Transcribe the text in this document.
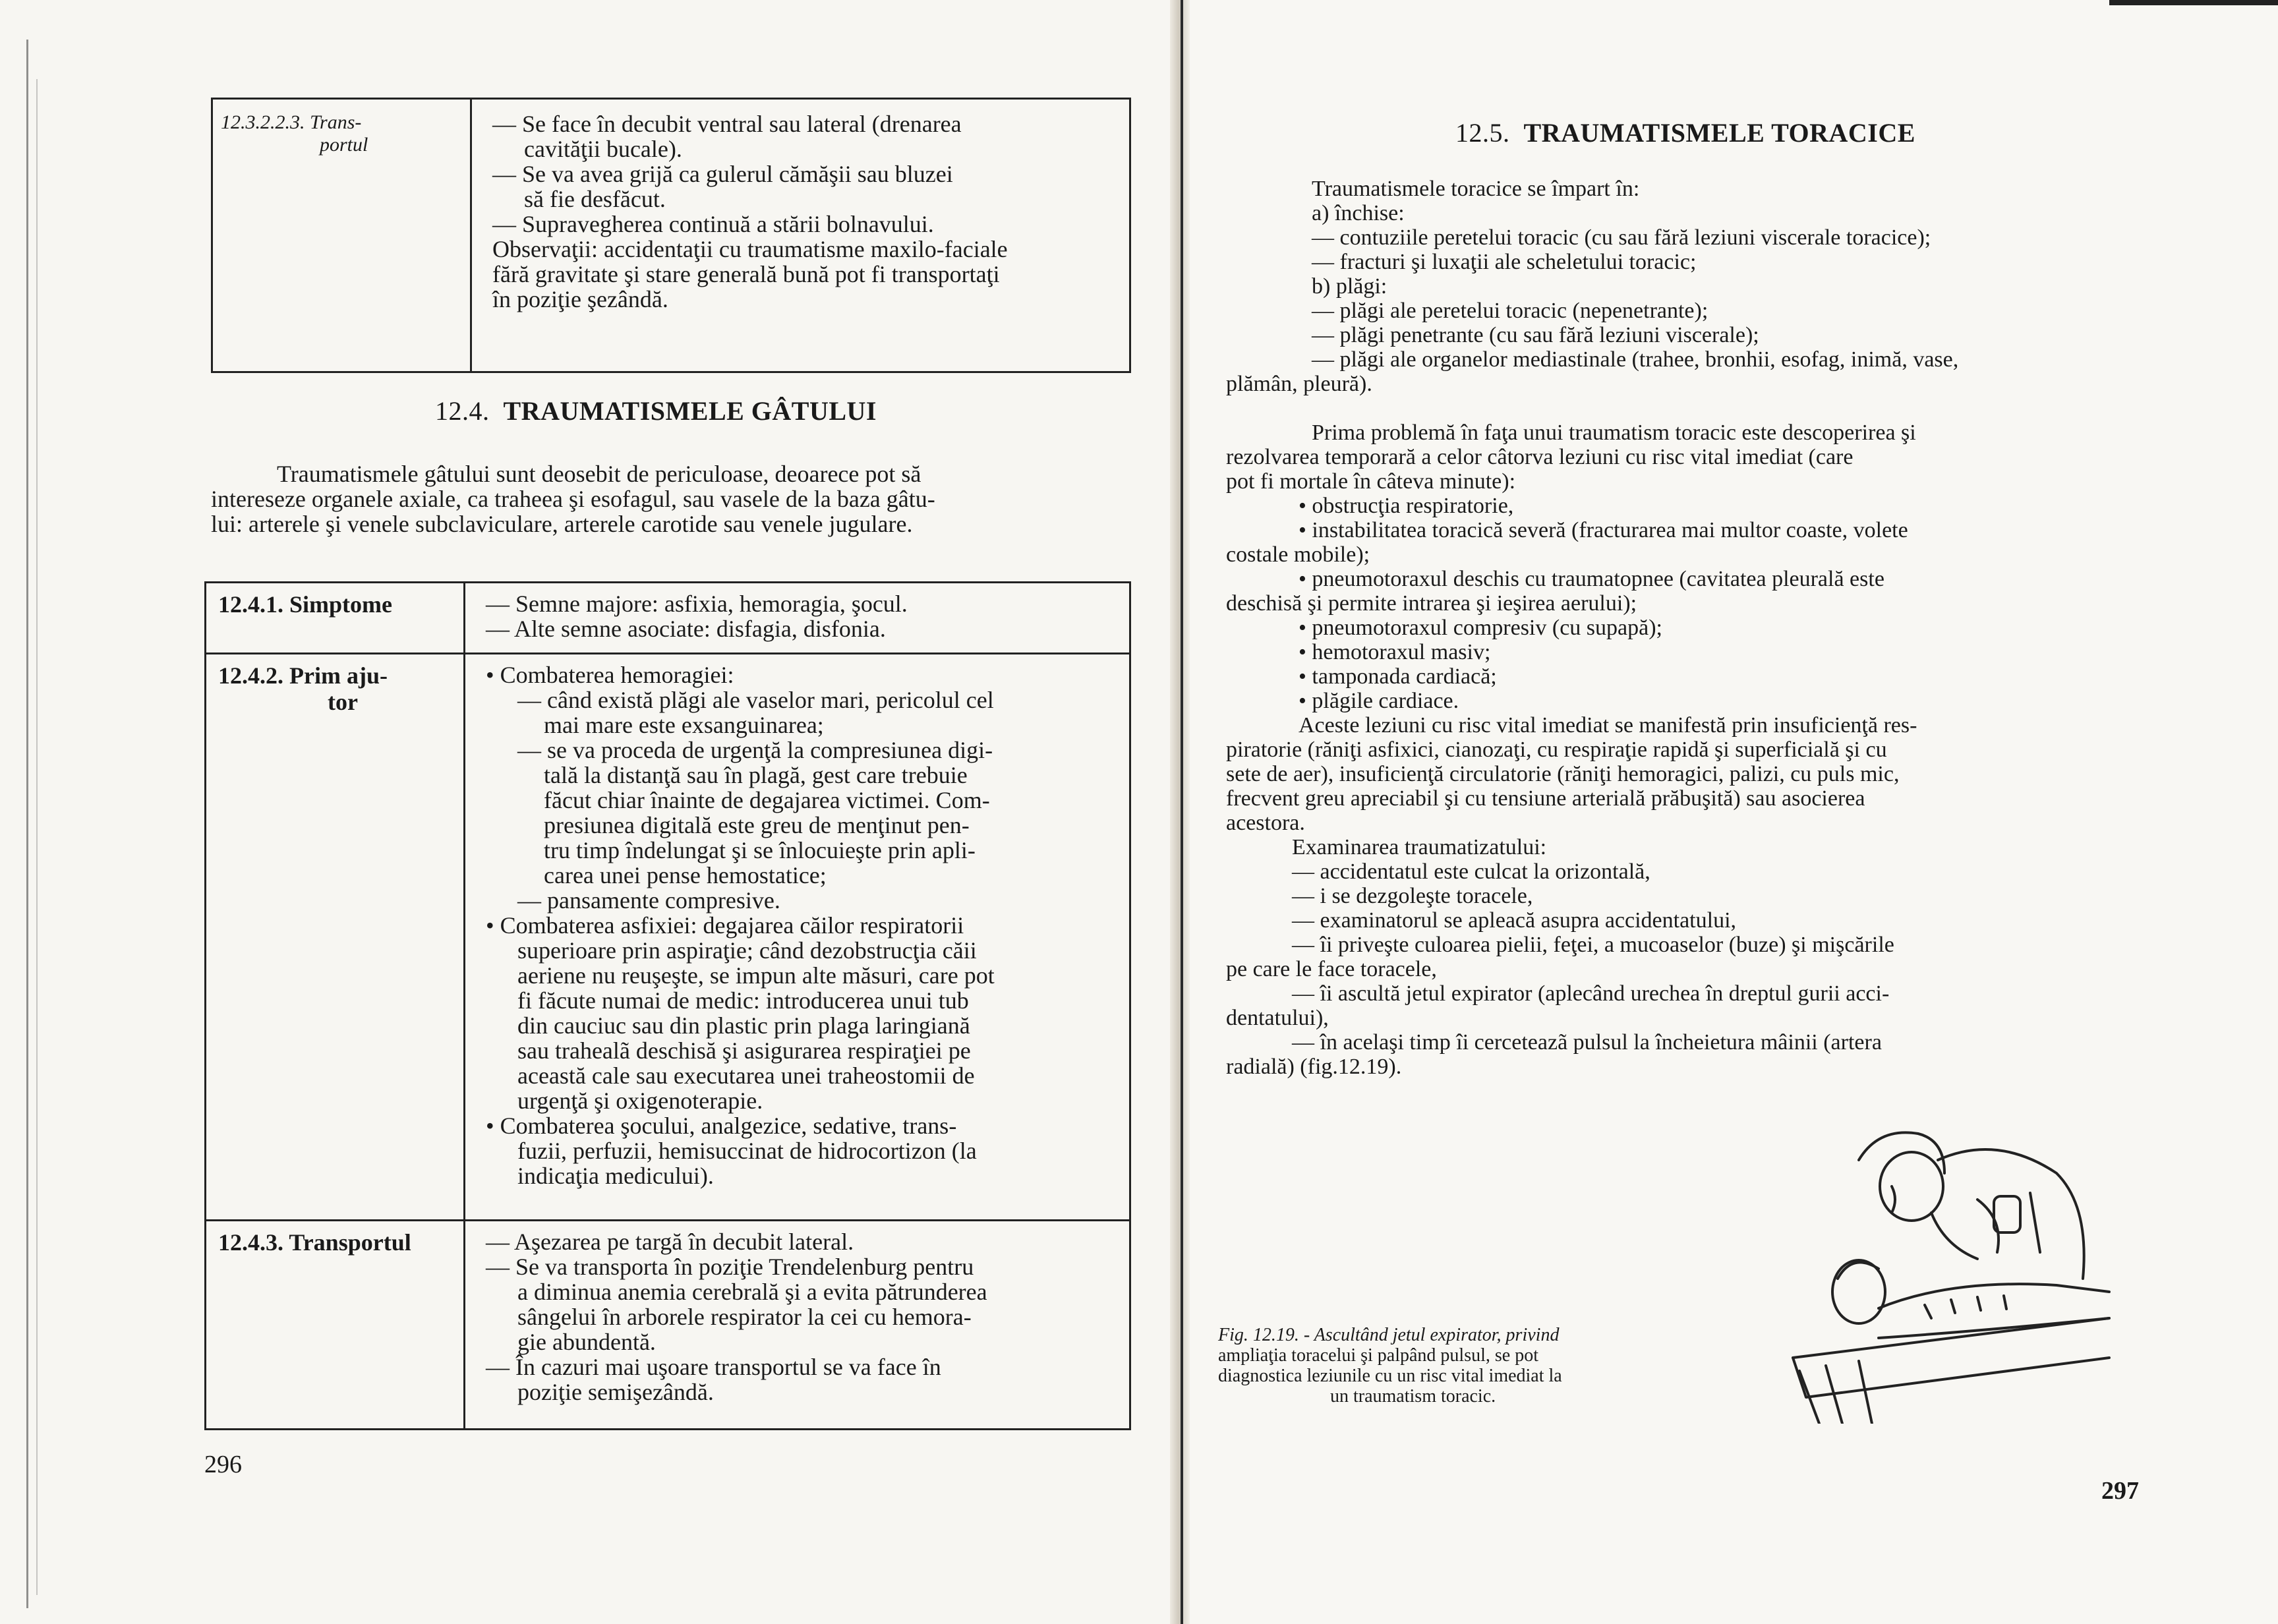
12.3.2.2.3. Trans-
portul
— Se face în decubit ventral sau lateral (drenarea
cavităţii bucale).
— Se va avea grijă ca gulerul cămăşii sau bluzei
să fie desfăcut.
— Supravegherea continuă a stării bolnavului.
Observaţii: accidentaţii cu traumatisme maxilo-faciale
fără gravitate şi stare generală bună pot fi transportaţi
în poziţie şezândă.
12.4. TRAUMATISMELE GÂTULUI
Traumatismele gâtului sunt deosebit de periculoase, deoarece pot să
intereseze organele axiale, ca traheea şi esofagul, sau vasele de la baza gâtu-
lui: arterele şi venele subclaviculare, arterele carotide sau venele jugulare.
12.4.1. Simptome	— Semne majore: asfixia, hemoragia, şocul.
— Alte semne asociate: disfagia, disfonia.
12.4.2. Prim aju-
tor
• Combaterea hemoragiei:
— când există plăgi ale vaselor mari, pericolul cel
mai mare este exsanguinarea;
— se va proceda de urgenţă la compresiunea digi-
tală la distanţă sau în plagă, gest care trebuie
făcut chiar înainte de degajarea victimei. Com-
presiunea digitală este greu de menţinut pen-
tru timp îndelungat şi se înlocuieşte prin apli-
carea unei pense hemostatice;
— pansamente compresive.
• Combaterea asfixiei: degajarea căilor respiratorii
superioare prin aspiraţie; când dezobstrucţia căii
aeriene nu reuşeşte, se impun alte măsuri, care pot
fi făcute numai de medic: introducerea unui tub
din cauciuc sau din plastic prin plaga laringiană
sau trahealã deschisă şi asigurarea respiraţiei pe
această cale sau executarea unei traheostomii de
urgenţă şi oxigenoterapie.
• Combaterea şocului, analgezice, sedative, trans-
fuzii, perfuzii, hemisuccinat de hidrocortizon (la
indicaţia medicului).
12.4.3. Transportul	— Aşezarea pe targă în decubit lateral.
— Se va transporta în poziţie Trendelenburg pentru
a diminua anemia cerebrală şi a evita pătrunderea
sângelui în arborele respirator la cei cu hemora-
gie abundentă.
— În cazuri mai uşoare transportul se va face în
poziţie semişezândă.
296
12.5. TRAUMATISMELE TORACICE
Traumatismele toracice se împart în:
a) închise:
— contuziile peretelui toracic (cu sau fără leziuni viscerale toracice);
— fracturi şi luxaţii ale scheletului toracic;
b) plăgi:
— plăgi ale peretelui toracic (nepenetrante);
— plăgi penetrante (cu sau fără leziuni viscerale);
— plăgi ale organelor mediastinale (trahee, bronhii, esofag, inimă, vase,
plămân, pleură).

Prima problemă în faţa unui traumatism toracic este descoperirea şi
rezolvarea temporară a celor câtorva leziuni cu risc vital imediat (care
pot fi mortale în câteva minute):
• obstrucţia respiratorie,
• instabilitatea toracică severă (fracturarea mai multor coaste, volete
costale mobile);
• pneumotoraxul deschis cu traumatopnee (cavitatea pleurală este
deschisă şi permite intrarea şi ieşirea aerului);
• pneumotoraxul compresiv (cu supapă);
• hemotoraxul masiv;
• tamponada cardiacă;
• plăgile cardiace.
Aceste leziuni cu risc vital imediat se manifestă prin insuficienţă res-
piratorie (răniţi asfixici, cianozaţi, cu respiraţie rapidă şi superficială şi cu
sete de aer), insuficienţă circulatorie (răniţi hemoragici, palizi, cu puls mic,
frecvent greu apreciabil şi cu tensiune arterială prăbuşită) sau asocierea
acestora.
Examinarea traumatizatului:
— accidentatul este culcat la orizontală,
— i se dezgoleşte toracele,
— examinatorul se apleacă asupra accidentatului,
— îi priveşte culoarea pielii, feţei, a mucoaselor (buze) şi mişcările
pe care le face toracele,
— îi ascultă jetul expirator (aplecând urechea în dreptul gurii acci-
dentatului),
— în acelaşi timp îi cerceteazã pulsul la încheietura mâinii (artera
radială) (fig.12.19).
Fig. 12.19. - Ascultând jetul expirator, privind
ampliaţia toracelui şi palpând pulsul, se pot
diagnostica leziunile cu un risc vital imediat la
un traumatism toracic.
297
